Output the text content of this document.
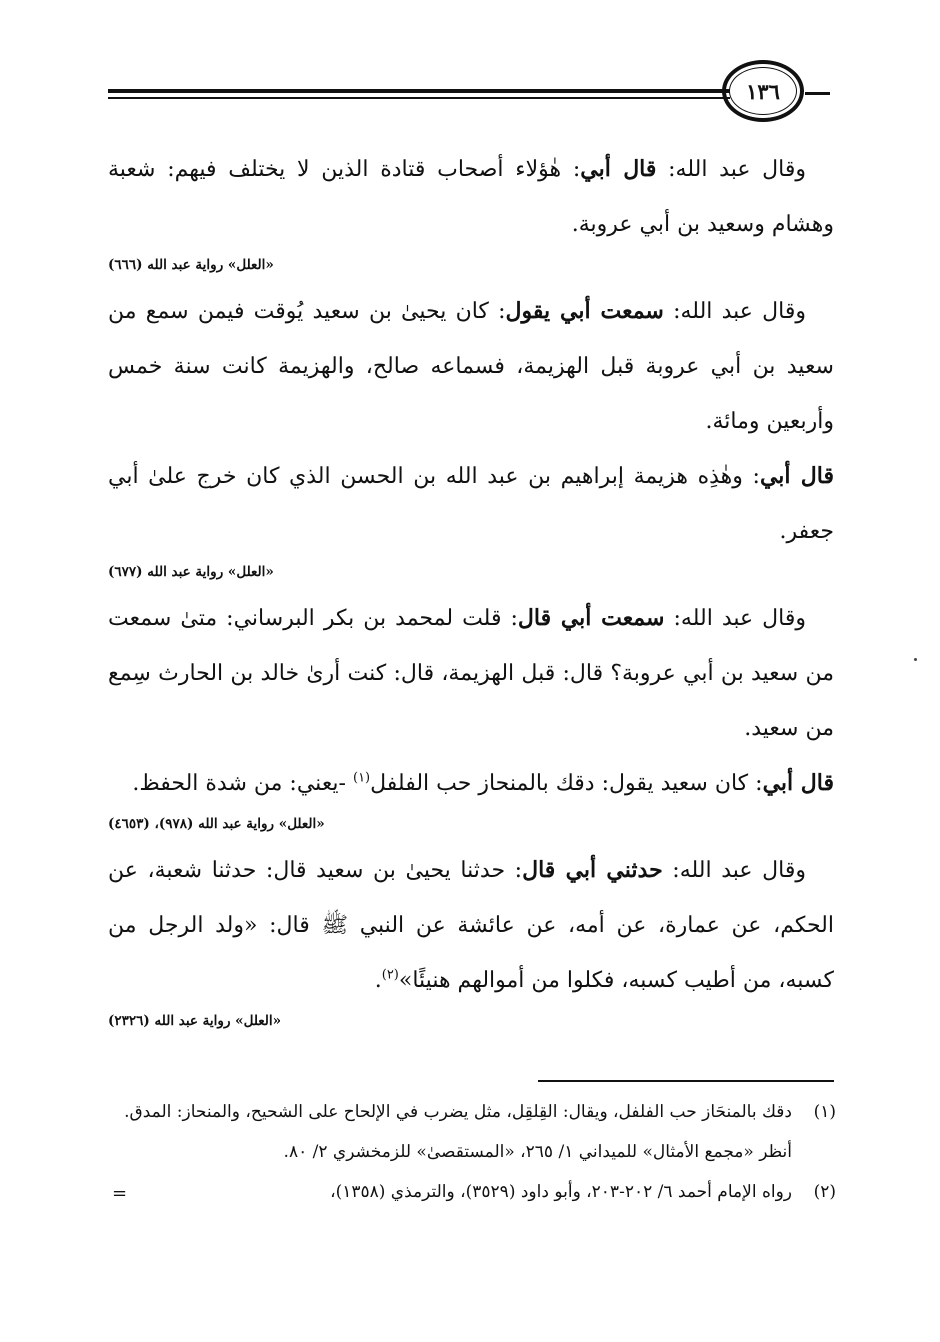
١٣٦

وقال عبد الله: قال أبي: هٰؤلاء أصحاب قتادة الذين لا يختلف فيهم: شعبة وهشام وسعيد بن أبي عروبة.

«العلل» رواية عبد الله (٦٦٦)

وقال عبد الله: سمعت أبي يقول: كان يحيىٰ بن سعيد يُوقت فيمن سمع من سعيد بن أبي عروبة قبل الهزيمة، فسماعه صالح، والهزيمة كانت سنة خمس وأربعين ومائة.

قال أبي: وهٰذِه هزيمة إبراهيم بن عبد الله بن الحسن الذي كان خرج علىٰ أبي جعفر.

«العلل» رواية عبد الله (٦٧٧)

وقال عبد الله: سمعت أبي قال: قلت لمحمد بن بكر البرساني: متىٰ سمعت من سعيد بن أبي عروبة؟ قال: قبل الهزيمة، قال: كنت أرىٰ خالد بن الحارث سِمع من سعيد.

قال أبي: كان سعيد يقول: دقك بالمنحاز حب الفلفل$^{(١)}$ -يعني: من شدة الحفظ.

«العلل» رواية عبد الله (٩٧٨)، (٤٦٥٣)

وقال عبد الله: حدثني أبي قال: حدثنا يحيىٰ بن سعيد قال: حدثنا شعبة، عن الحكم، عن عمارة، عن أمه، عن عائشة عن النبي ﷺ قال: «ولد الرجل من كسبه، من أطيب كسبه، فكلوا من أموالهم هنيئًا»$^{(٢)}$.

«العلل» رواية عبد الله (٢٣٢٦)

(١)
دقك بالمنحَاز حب الفلفل، ويقال: القِلقِل، مثل يضرب في الإلحاح على الشحيح، والمنحاز: المدق. أنظر «مجمع الأمثال» للميداني ١/ ٢٦٥، «المستقصىٰ» للزمخشري ٢/ ٨٠.

(٢)
رواه الإمام أحمد ٦/ ٢٠٢-٢٠٣، وأبو داود (٣٥٢٩)، والترمذي (١٣٥٨)،
=
